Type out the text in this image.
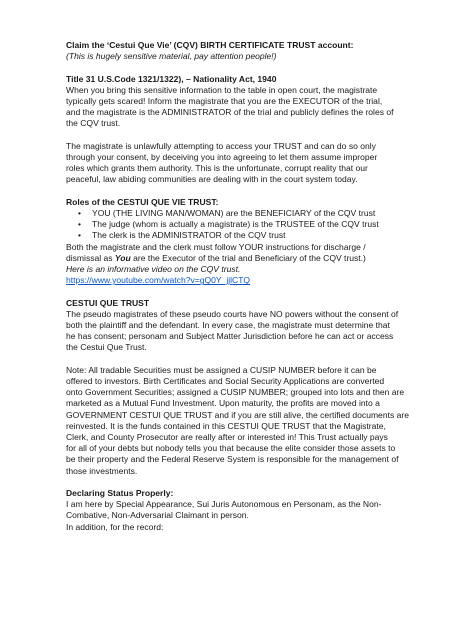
Claim the ‘Cestui Que Vie’ (CQV) BIRTH CERTIFICATE TRUST account:
(This is hugely sensitive material, pay attention people!)
Title 31 U.S.Code 1321/1322), – Nationality Act, 1940
When you bring this sensitive information to the table in open court, the magistrate
typically gets scared! Inform the magistrate that you are the EXECUTOR of the trial,
and the magistrate is the ADMINISTRATOR of the trial and publicly defines the roles of
the CQV trust.
The magistrate is unlawfully attempting to access your TRUST and can do so only
through your consent, by deceiving you into agreeing to let them assume improper
roles which grants them authority. This is the unfortunate, corrupt reality that our
peaceful, law abiding communities are dealing with in the court system today.
Roles of the CESTUI QUE VIE TRUST:
• YOU (THE LIVING MAN/WOMAN) are the BENEFICIARY of the CQV trust
• The judge (whom is actually a magistrate) is the TRUSTEE of the CQV trust
• The clerk is the ADMINISTRATOR of the CQV trust
Both the magistrate and the clerk must follow YOUR instructions for discharge /
dismissal as You are the Executor of the trial and Beneficiary of the CQV trust.)
Here is an informative video on the CQV trust.
https://www.youtube.com/watch?v=gQ0Y_jjlCTQ
CESTUI QUE TRUST
The pseudo magistrates of these pseudo courts have NO powers without the consent of
both the plaintiff and the defendant. In every case, the magistrate must determine that
he has consent; personam and Subject Matter Jurisdiction before he can act or access
the Cestui Que Trust.
Note: All tradable Securities must be assigned a CUSIP NUMBER before it can be
offered to investors. Birth Certificates and Social Security Applications are converted
onto Government Securities; assigned a CUSIP NUMBER; grouped into lots and then are
marketed as a Mutual Fund Investment. Upon maturity, the profits are moved into a
GOVERNMENT CESTUI QUE TRUST and if you are still alive, the certified documents are
reinvested. It is the funds contained in this CESTUI QUE TRUST that the Magistrate,
Clerk, and County Prosecutor are really after or interested in! This Trust actually pays
for all of your debts but nobody tells you that because the elite consider those assets to
be their property and the Federal Reserve System is responsible for the management of
those investments.
Declaring Status Properly:
I am here by Special Appearance, Sui Juris Autonomous en Personam, as the Non-
Combative, Non-Adversarial Claimant in person.
In addition, for the record:
